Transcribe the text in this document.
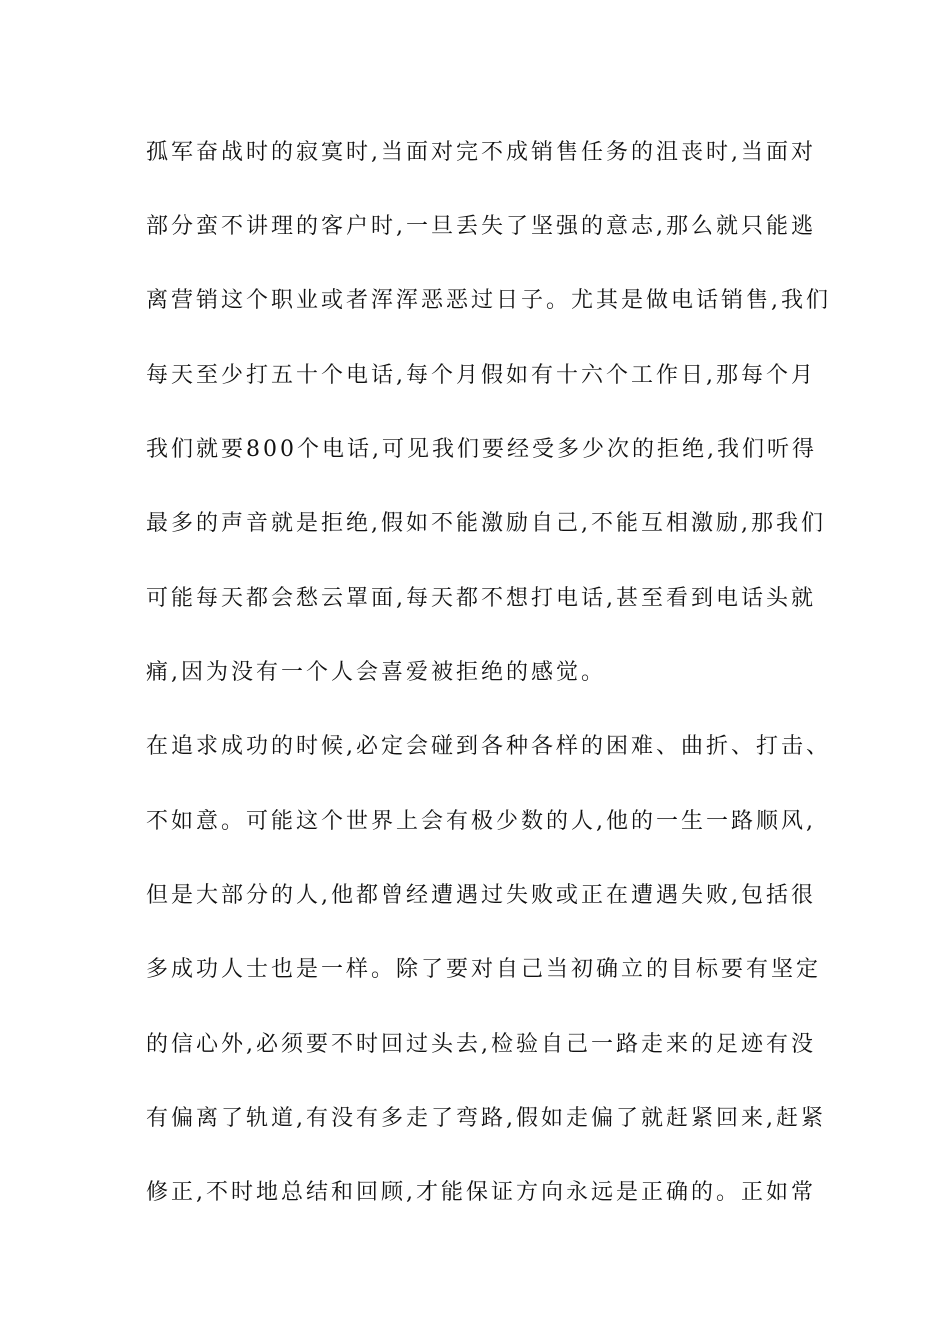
孤军奋战时的寂寞时,当面对完不成销售任务的沮丧时,当面对
部分蛮不讲理的客户时,一旦丢失了坚强的意志,那么就只能逃
离营销这个职业或者浑浑恶恶过日子。尤其是做电话销售,我们
每天至少打五十个电话,每个月假如有十六个工作日,那每个月
我们就要800个电话,可见我们要经受多少次的拒绝,我们听得
最多的声音就是拒绝,假如不能激励自己,不能互相激励,那我们
可能每天都会愁云罩面,每天都不想打电话,甚至看到电话头就
痛,因为没有一个人会喜爱被拒绝的感觉。
在追求成功的时候,必定会碰到各种各样的困难、曲折、打击、
不如意。可能这个世界上会有极少数的人,他的一生一路顺风,
但是大部分的人,他都曾经遭遇过失败或正在遭遇失败,包括很
多成功人士也是一样。除了要对自己当初确立的目标要有坚定
的信心外,必须要不时回过头去,检验自己一路走来的足迹有没
有偏离了轨道,有没有多走了弯路,假如走偏了就赶紧回来,赶紧
修正,不时地总结和回顾,才能保证方向永远是正确的。正如常
